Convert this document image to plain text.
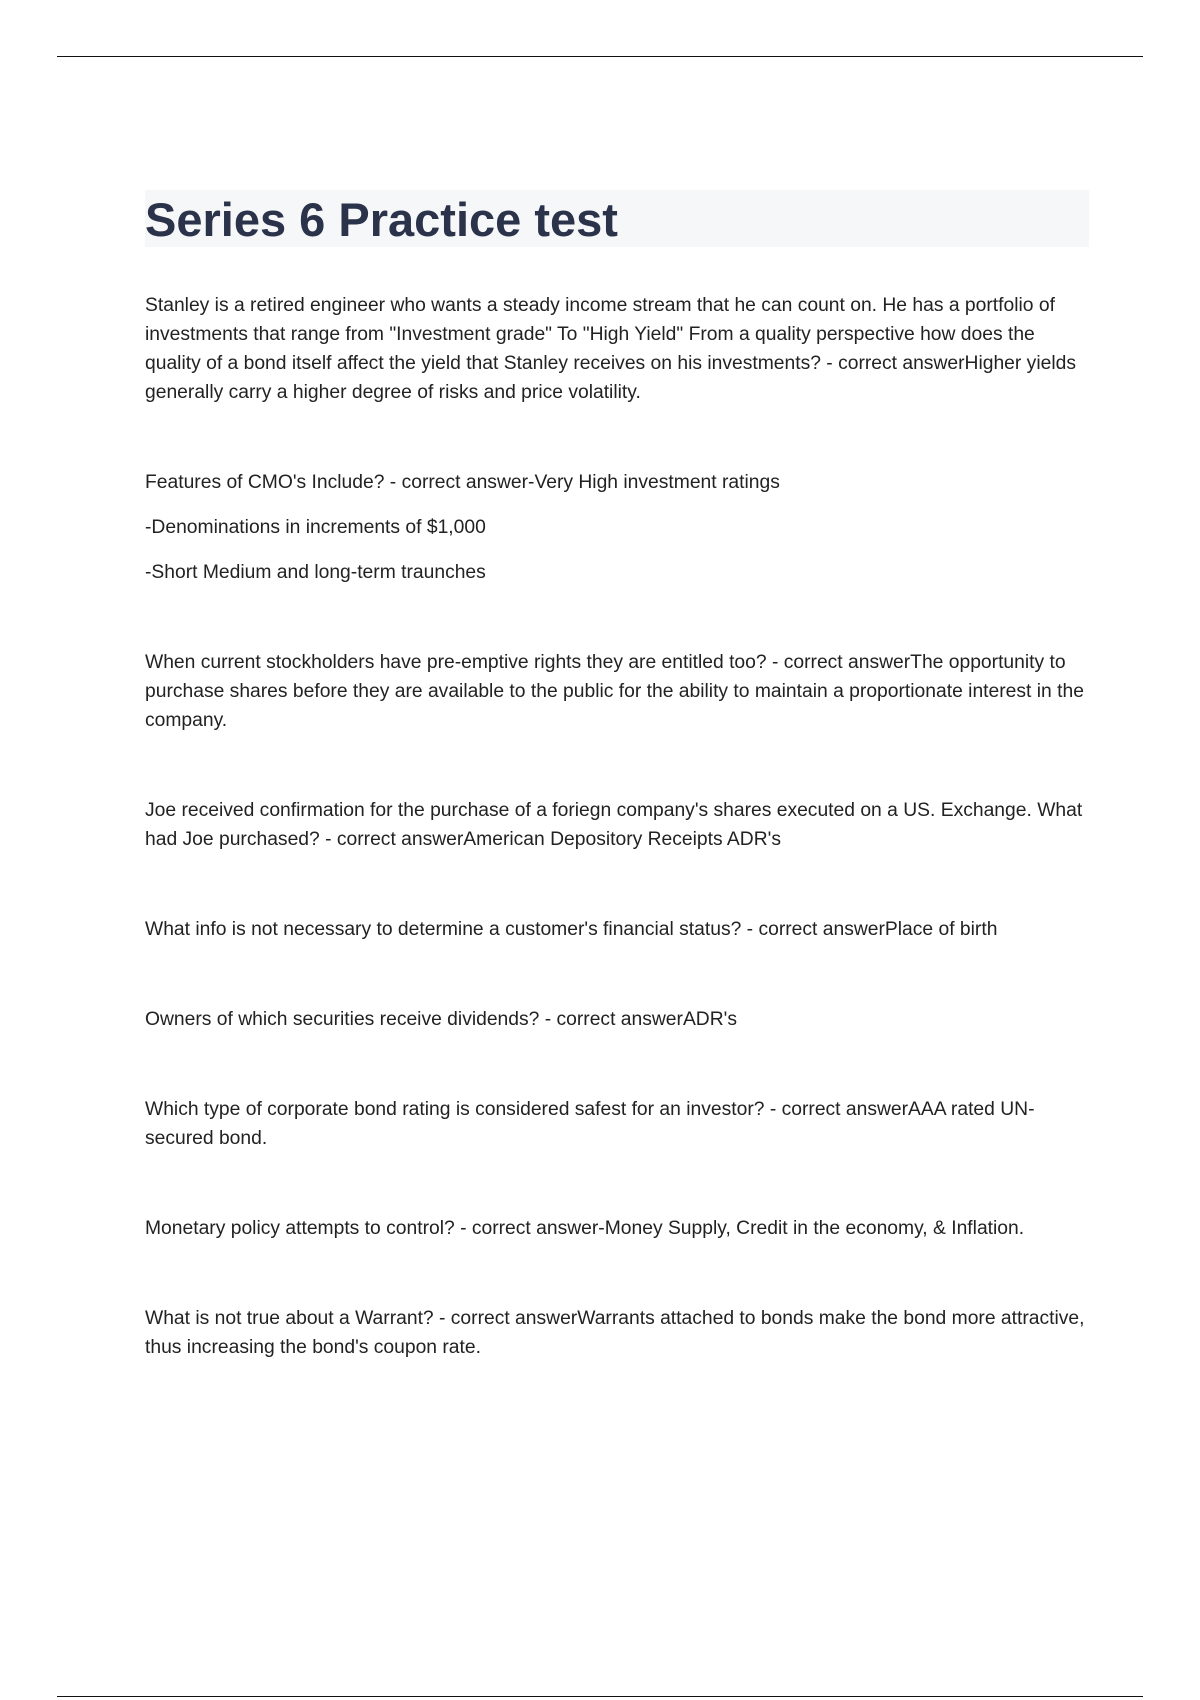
Series 6 Practice test

Stanley is a retired engineer who wants a steady income stream that he can count on. He has a portfolio of investments that range from "Investment grade" To "High Yield" From a quality perspective how does the quality of a bond itself affect the yield that Stanley receives on his investments? - correct answerHigher yields generally carry a higher degree of risks and price volatility.

Features of CMO's Include? - correct answer-Very High investment ratings

-Denominations in increments of $1,000

-Short Medium and long-term traunches

When current stockholders have pre-emptive rights they are entitled too? - correct answerThe opportunity to purchase shares before they are available to the public for the ability to maintain a proportionate interest in the company.

Joe received confirmation for the purchase of a foriegn company's shares executed on a US. Exchange. What had Joe purchased? - correct answerAmerican Depository Receipts ADR's

What info is not necessary to determine a customer's financial status? - correct answerPlace of birth

Owners of which securities receive dividends? - correct answerADR's

Which type of corporate bond rating is considered safest for an investor? - correct answerAAA rated UN-secured bond.

Monetary policy attempts to control? - correct answer-Money Supply, Credit in the economy, & Inflation.

What is not true about a Warrant? - correct answerWarrants attached to bonds make the bond more attractive, thus increasing the bond's coupon rate.
